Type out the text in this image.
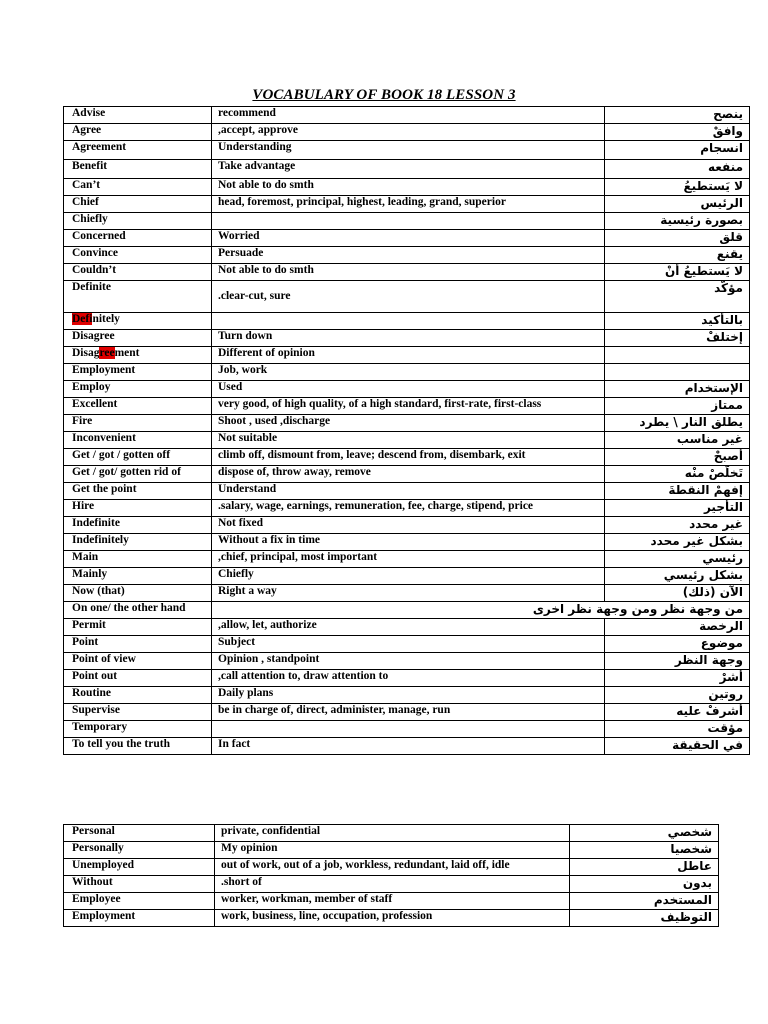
VOCABULARY OF BOOK 18 LESSON 3
Advise	recommend	ينصح
Agree	,accept, approve	وافقْ
Agreement	Understanding	انسجام
Benefit	Take advantage	منفعه
Can’t	Not able to do smth	لا يَستطيعُ
Chief	head, foremost, principal, highest, leading, grand, superior	الرئيس
Chiefly		بصورة رئيسية
Concerned	Worried	قلق
Convince	Persuade	يقنع
Couldn’t	Not able to do smth	لا يَستطيعُ أنْ
Definite	.clear-cut, sure	مؤكّد
Definitely		بالتأكيد
Disagree	Turn down	إختلفْ
Disagreement	Different of opinion	
Employment	Job, work	
Employ	Used	الإستخدام
Excellent	very good, of high quality, of a high standard, first-rate, first-class	ممتاز
Fire	Shoot , used ,discharge	يطلق النار \ يطرد
Inconvenient	Not suitable	غير مناسب
Get / got / gotten off	climb off, dismount from, leave; descend from, disembark, exit	أصبحْ
Get / got/ gotten rid of	dispose of, throw away, remove	تَخلّصْ منْه
Get the point	Understand	إفهمْ النقطةَ
Hire	.salary, wage, earnings, remuneration, fee, charge, stipend, price	التأجير
Indefinite	Not fixed	غير محدد
Indefinitely	Without a fix in time	بشكل غير محدد
Main	,chief, principal, most important	رئيسي
Mainly	Chiefly	بشكل رئيسي
Now (that)	Right a way	الآن (ذلك)
On one/ the other hand	من وجهة نظر ومن وجهة نظر اخرى	
Permit	,allow, let, authorize	الرخصة
Point	Subject	موضوع
Point of view	Opinion , standpoint	وجهة النظر
Point out	,call attention to, draw attention to	أشرْ
Routine	Daily plans	روتين
Supervise	be in charge of, direct, administer, manage, run	أشرفْ عليه
Temporary		مؤقت
To tell you the truth	In fact	في الحقيقة
Personal	private, confidential	شخصي
Personally	My opinion	شخصيا
Unemployed	out of work, out of a job, workless, redundant, laid off, idle	عاطل
Without	.short of	بدون
Employee	worker, workman, member of staff	المستخدم
Employment	work, business, line, occupation, profession	التوظيف
